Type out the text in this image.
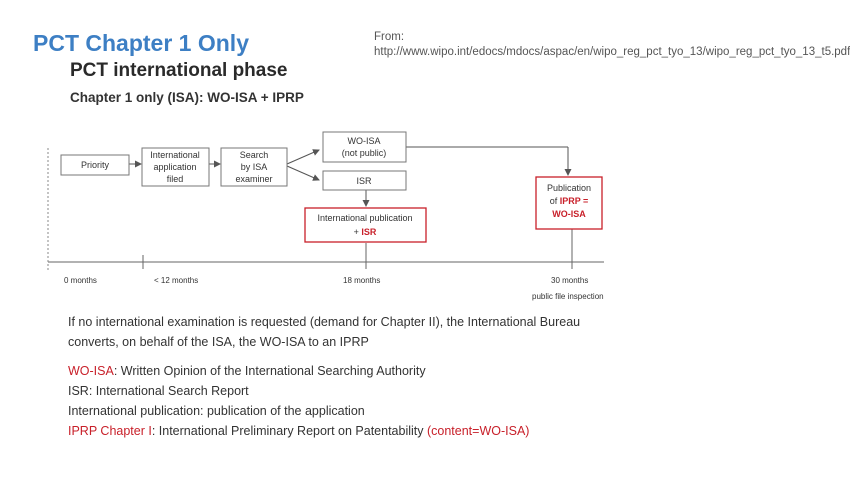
PCT Chapter 1 Only	From: http://www.wipo.int/edocs/mdocs/aspac/en/wipo_reg_pct_tyo_13/wipo_reg_pct_tyo_13_t5.pdf
PCT international phase
Chapter 1 only (ISA): WO-ISA + IPRP
Priority
International
application
filed
Search
by ISA
examiner
WO-ISA
(not public)
ISR
International publication
+ ISR
Publication
of IPRP =
WO-ISA
0 months	< 12 months	18 months	30 months
public file inspection

If no international examination is requested (demand for Chapter II), the International Bureau converts, on behalf of the ISA, the WO-ISA to an IPRP

WO-ISA: Written Opinion of the International Searching Authority

ISR: International Search Report

International publication: publication of the application

IPRP Chapter I: International Preliminary Report on Patentability (content=WO-ISA)
